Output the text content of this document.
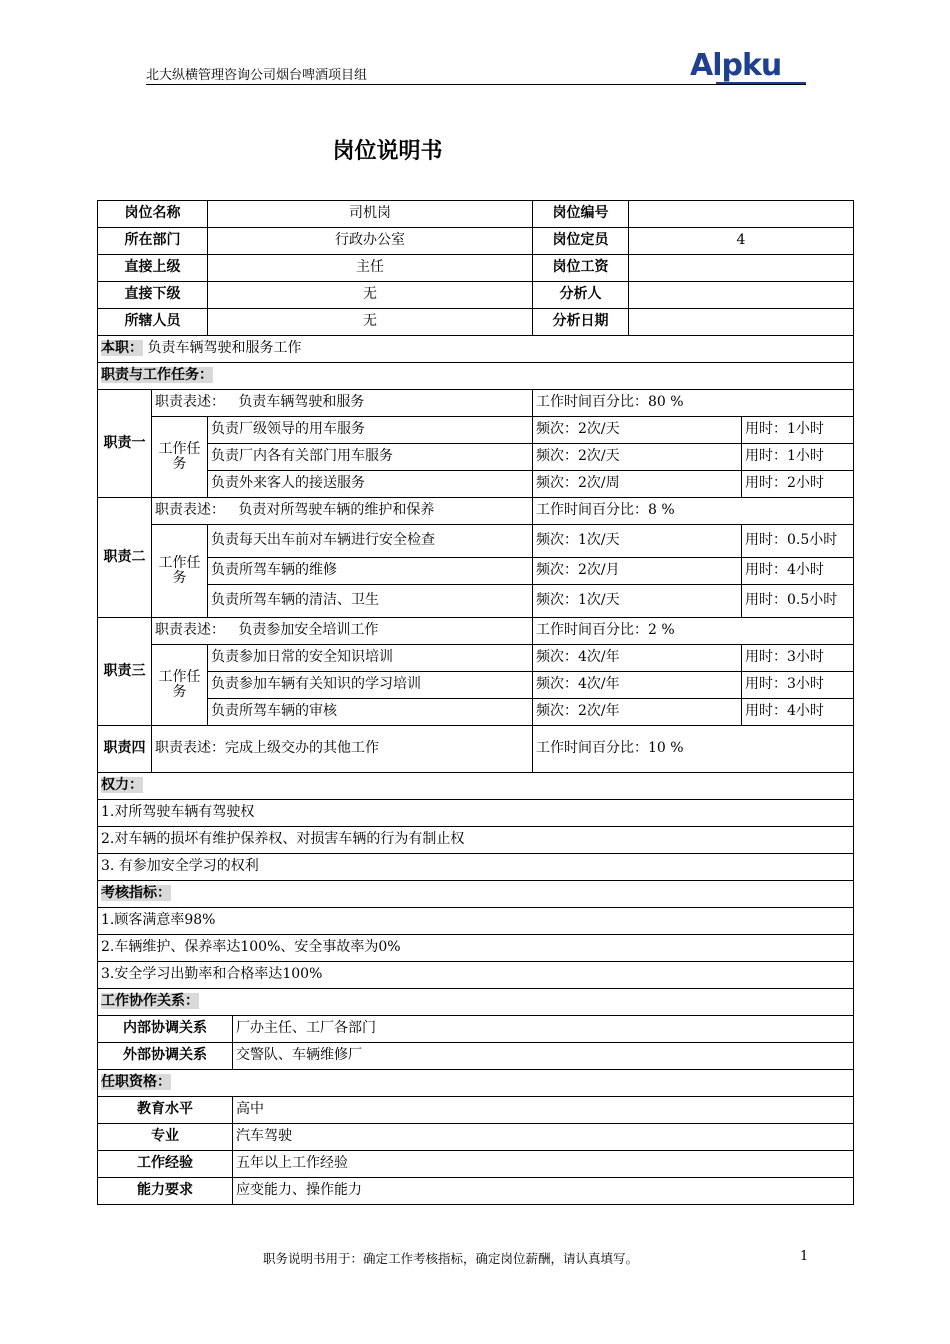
北大纵横管理咨询公司烟台啤酒项目组	Alpku
岗位说明书
岗位名称		司机岗		岗位编号		
所在部门		行政办公室		岗位定员	4	
直接上级		主任		岗位工资		
直接下级		无		分析人		
所辖人员		无		分析日期		
本职： 负责车辆驾驶和服务工作						
职责与工作任务：						
职责一	职责表述： 负责车辆驾驶和服务			工作时间百分比：80 %		
	工作任务	负责厂级领导的用车服务		频次：2次/天		用时：1小时
		负责厂内各有关部门用车服务		频次：2次/天		用时：1小时
		负责外来客人的接送服务		频次：2次/周		用时：2小时
职责二	职责表述： 负责对所驾驶车辆的维护和保养			工作时间百分比：8 %		
	工作任务	负责每天出车前对车辆进行安全检查		频次：1次/天		用时：0.5小时
		负责所驾车辆的维修		频次：2次/月		用时：4小时
		负责所驾车辆的清洁、卫生		频次：1次/天		用时：0.5小时
职责三	职责表述： 负责参加安全培训工作			工作时间百分比：2 %		
	工作任务	负责参加日常的安全知识培训		频次：4次/年		用时：3小时
		负责参加车辆有关知识的学习培训		频次：4次/年		用时：3小时
		负责所驾车辆的审核		频次：2次/年		用时：4小时
职责四	职责表述：完成上级交办的其他工作			工作时间百分比：10 %		
权力：						
1.对所驾驶车辆有驾驶权						
2.对车辆的损坏有维护保养权、对损害车辆的行为有制止权						
3. 有参加安全学习的权利						
考核指标：						
1.顾客满意率98%						
2.车辆维护、保养率达100%、安全事故率为0%						
3.安全学习出勤率和合格率达100%						
工作协作关系：						
内部协调关系			厂办主任、工厂各部门			
外部协调关系			交警队、车辆维修厂			
任职资格：						
教育水平			高中			
专业			汽车驾驶			
工作经验			五年以上工作经验			
能力要求			应变能力、操作能力			
职务说明书用于：确定工作考核指标，确定岗位薪酬，请认真填写。	1
